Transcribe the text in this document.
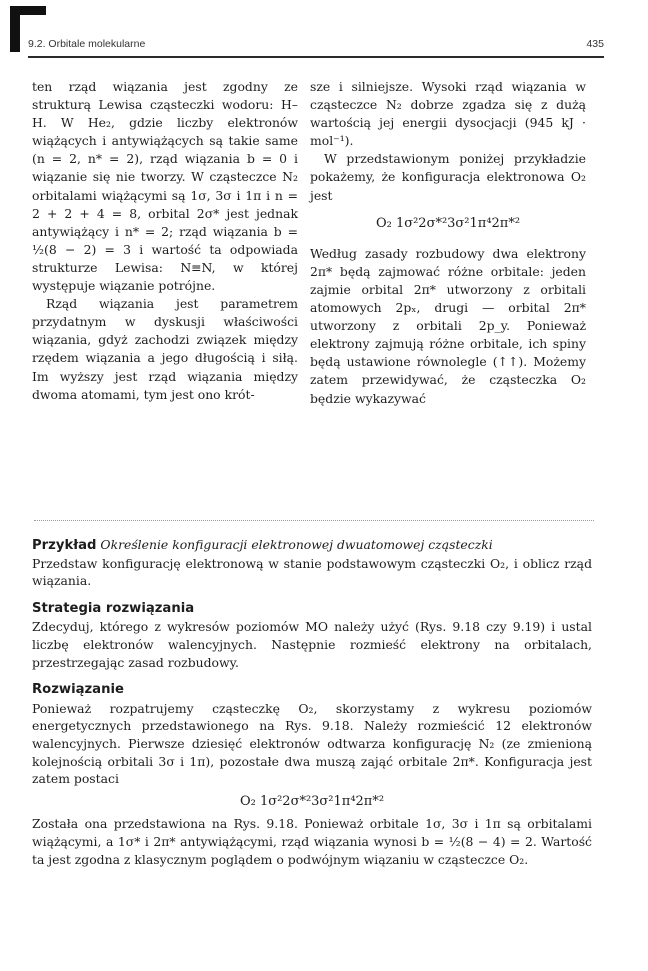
9.2. Orbitale molekularne	435

ten rząd wiązania jest zgodny ze strukturą Lewisa cząsteczki wodoru: H–H. W He₂, gdzie liczby elektronów wiążących i antywiążących są takie same (n = 2, n* = 2), rząd wiązania b = 0 i wiązanie się nie tworzy. W cząsteczce N₂ orbitalami wiążącymi są 1σ, 3σ i 1π i n = 2 + 2 + 4 = 8, orbital 2σ* jest jednak antywiążący i n* = 2; rząd wiązania b = ½(8 − 2) = 3 i wartość ta odpowiada strukturze Lewisa: N≡N, w której występuje wiązanie potrójne.

Rząd wiązania jest parametrem przydatnym w dyskusji właściwości wiązania, gdyż zachodzi związek między rzędem wiązania a jego długością i siłą. Im wyższy jest rząd wiązania między dwoma atomami, tym jest ono krót-

sze i silniejsze. Wysoki rząd wiązania w cząsteczce N₂ dobrze zgadza się z dużą wartością jej energii dysocjacji (945 kJ · mol⁻¹).

W przedstawionym poniżej przykładzie pokażemy, że konfiguracja elektronowa O₂ jest

O₂ 1σ²2σ*²3σ²1π⁴2π*²

Według zasady rozbudowy dwa elektrony 2π* będą zajmować różne orbitale: jeden zajmie orbital 2π* utworzony z orbitali atomowych 2pₓ, drugi — orbital 2π* utworzony z orbitali 2p_y. Ponieważ elektrony zajmują różne orbitale, ich spiny będą ustawione równolegle (↑↑). Możemy zatem przewidywać, że cząsteczka O₂ będzie wykazywać

Przykład Określenie konfiguracji elektronowej dwuatomowej cząsteczki

Przedstaw konfigurację elektronową w stanie podstawowym cząsteczki O₂, i oblicz rząd wiązania.

Strategia rozwiązania

Zdecyduj, którego z wykresów poziomów MO należy użyć (Rys. 9.18 czy 9.19) i ustal liczbę elektronów walencyjnych. Następnie rozmieść elektrony na orbitalach, przestrzegając zasad rozbudowy.

Rozwiązanie

Ponieważ rozpatrujemy cząsteczkę O₂, skorzystamy z wykresu poziomów energetycznych przedstawionego na Rys. 9.18. Należy rozmieścić 12 elektronów walencyjnych. Pierwsze dziesięć elektronów odtwarza konfigurację N₂ (ze zmienioną kolejnością orbitali 3σ i 1π), pozostałe dwa muszą zająć orbitale 2π*. Konfiguracja jest zatem postaci

O₂ 1σ²2σ*²3σ²1π⁴2π*²

Została ona przedstawiona na Rys. 9.18. Ponieważ orbitale 1σ, 3σ i 1π są orbitalami wiążącymi, a 1σ* i 2π* antywiążącymi, rząd wiązania wynosi b = ½(8 − 4) = 2. Wartość ta jest zgodna z klasycznym poglądem o podwójnym wiązaniu w cząsteczce O₂.
